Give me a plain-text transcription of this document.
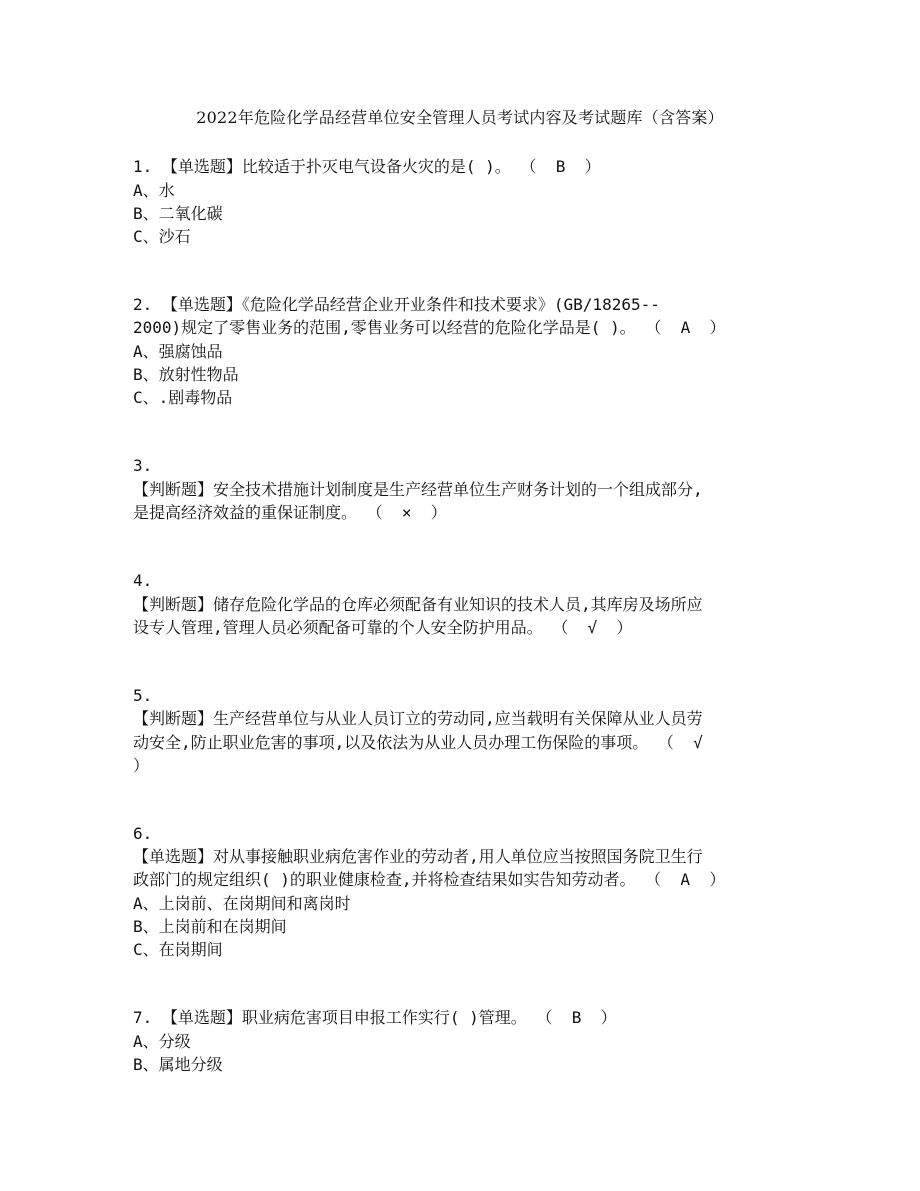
2022年危险化学品经营单位安全管理人员考试内容及考试题库（含答案）
1. 【单选题】比较适于扑灭电气设备火灾的是( )。 （  B  ）
A、水
B、二氧化碳
C、沙石
2. 【单选题】《危险化学品经营企业开业条件和技术要求》(GB/18265--
2000)规定了零售业务的范围,零售业务可以经营的危险化学品是( )。 （  A  ）
A、强腐蚀品
B、放射性物品
C、.剧毒物品
3.
【判断题】安全技术措施计划制度是生产经营单位生产财务计划的一个组成部分,
是提高经济效益的重保证制度。 （  ×  ）
4.
【判断题】储存危险化学品的仓库必须配备有业知识的技术人员,其库房及场所应
设专人管理,管理人员必须配备可靠的个人安全防护用品。 （  √  ）
5.
【判断题】生产经营单位与从业人员订立的劳动同,应当载明有关保障从业人员劳
动安全,防止职业危害的事项,以及依法为从业人员办理工伤保险的事项。 （  √
）
6.
【单选题】对从事接触职业病危害作业的劳动者,用人单位应当按照国务院卫生行
政部门的规定组织( )的职业健康检查,并将检查结果如实告知劳动者。 （  A  ）
A、上岗前、在岗期间和离岗时
B、上岗前和在岗期间
C、在岗期间
7. 【单选题】职业病危害项目申报工作实行( )管理。 （  B  ）
A、分级
B、属地分级
